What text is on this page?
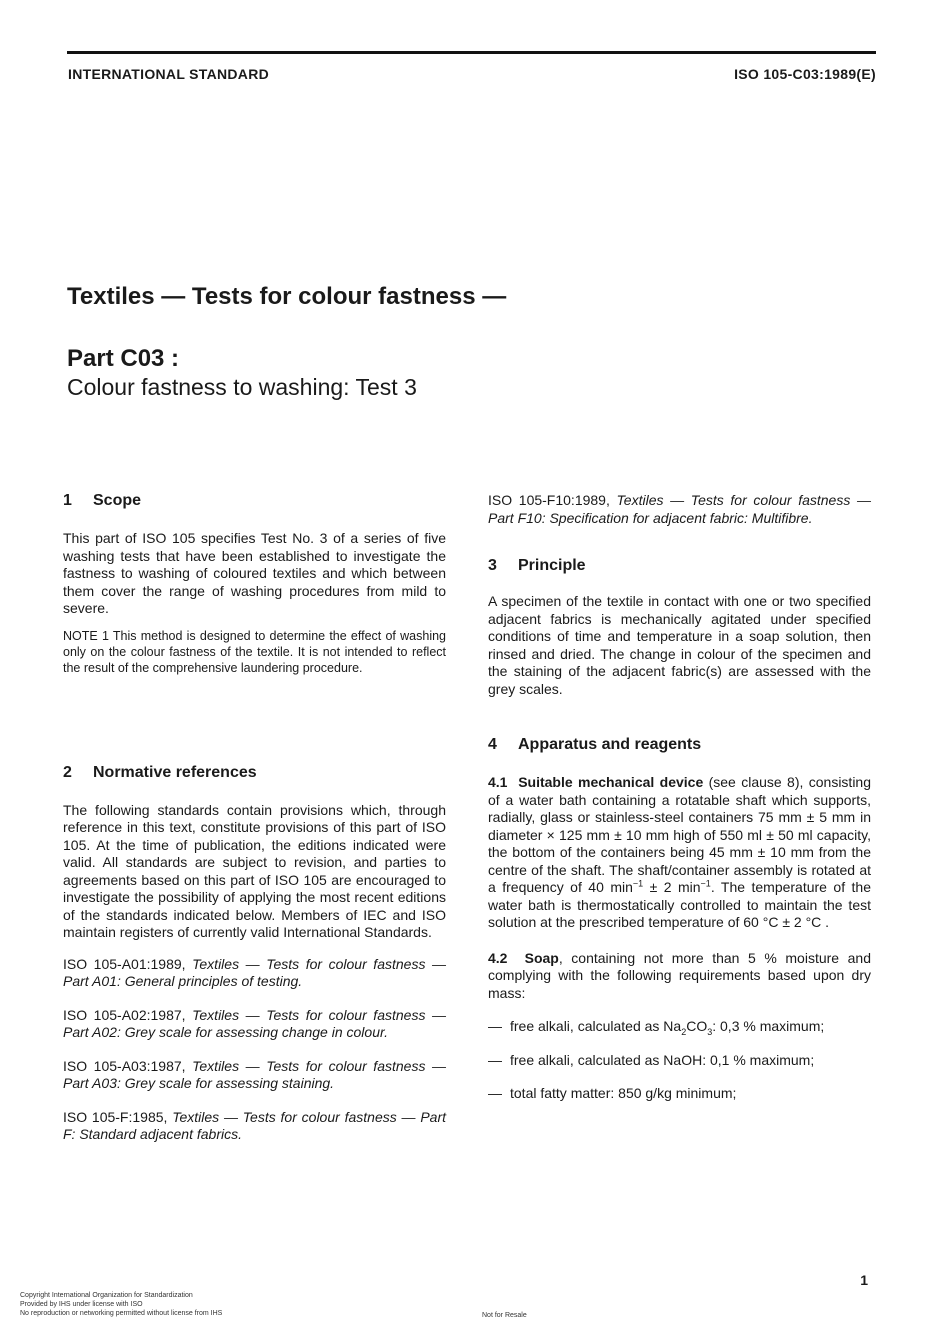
INTERNATIONAL STANDARD	ISO 105-C03:1989(E)
Textiles — Tests for colour fastness —
Part C03 :
Colour fastness to washing: Test 3
1 Scope

This part of ISO 105 specifies Test No. 3 of a series of five washing tests that have been established to investigate the fastness to washing of coloured textiles and which between them cover the range of washing procedures from mild to severe.

NOTE 1 This method is designed to determine the effect of washing only on the colour fastness of the textile. It is not intended to reflect the result of the comprehensive laundering procedure.

2 Normative references

The following standards contain provisions which, through reference in this text, constitute provisions of this part of ISO 105. At the time of publication, the editions indicated were valid. All standards are subject to revision, and parties to agreements based on this part of ISO 105 are encouraged to investigate the possibility of applying the most recent editions of the standards indicated below. Members of IEC and ISO maintain registers of currently valid International Standards.

ISO 105-A01:1989, Textiles — Tests for colour fastness — Part A01: General principles of testing.

ISO 105-A02:1987, Textiles — Tests for colour fastness — Part A02: Grey scale for assessing change in colour.

ISO 105-A03:1987, Textiles — Tests for colour fastness — Part A03: Grey scale for assessing staining.

ISO 105-F:1985, Textiles — Tests for colour fastness — Part F: Standard adjacent fabrics.

ISO 105-F10:1989, Textiles — Tests for colour fastness — Part F10: Specification for adjacent fabric: Multifibre.

3 Principle

A specimen of the textile in contact with one or two specified adjacent fabrics is mechanically agitated under specified conditions of time and temperature in a soap solution, then rinsed and dried. The change in colour of the specimen and the staining of the adjacent fabric(s) are assessed with the grey scales.

4 Apparatus and reagents

4.1 Suitable mechanical device (see clause 8), consisting of a water bath containing a rotatable shaft which supports, radially, glass or stainless-steel containers 75 mm ± 5 mm in diameter × 125 mm ± 10 mm high of 550 ml ± 50 ml capacity, the bottom of the containers being 45 mm ± 10 mm from the centre of the shaft. The shaft/container assembly is rotated at a frequency of 40 $\min^{-1} \pm 2$ $\min^{-1}$. The temperature of the water bath is thermostatically controlled to maintain the test solution at the prescribed temperature of 60 °C ± 2 °C .

4.2 Soap, containing not more than 5 % moisture and complying with the following requirements based upon dry mass:

— free alkali, calculated as $Na_2CO_3$: 0,3 % maximum;
— free alkali, calculated as NaOH: 0,1 % maximum;
— total fatty matter: 850 g/kg minimum;
1
Copyright International Organization for Standardization
Provided by IHS under license with ISO
No reproduction or networking permitted without license from IHS	Not for Resale
